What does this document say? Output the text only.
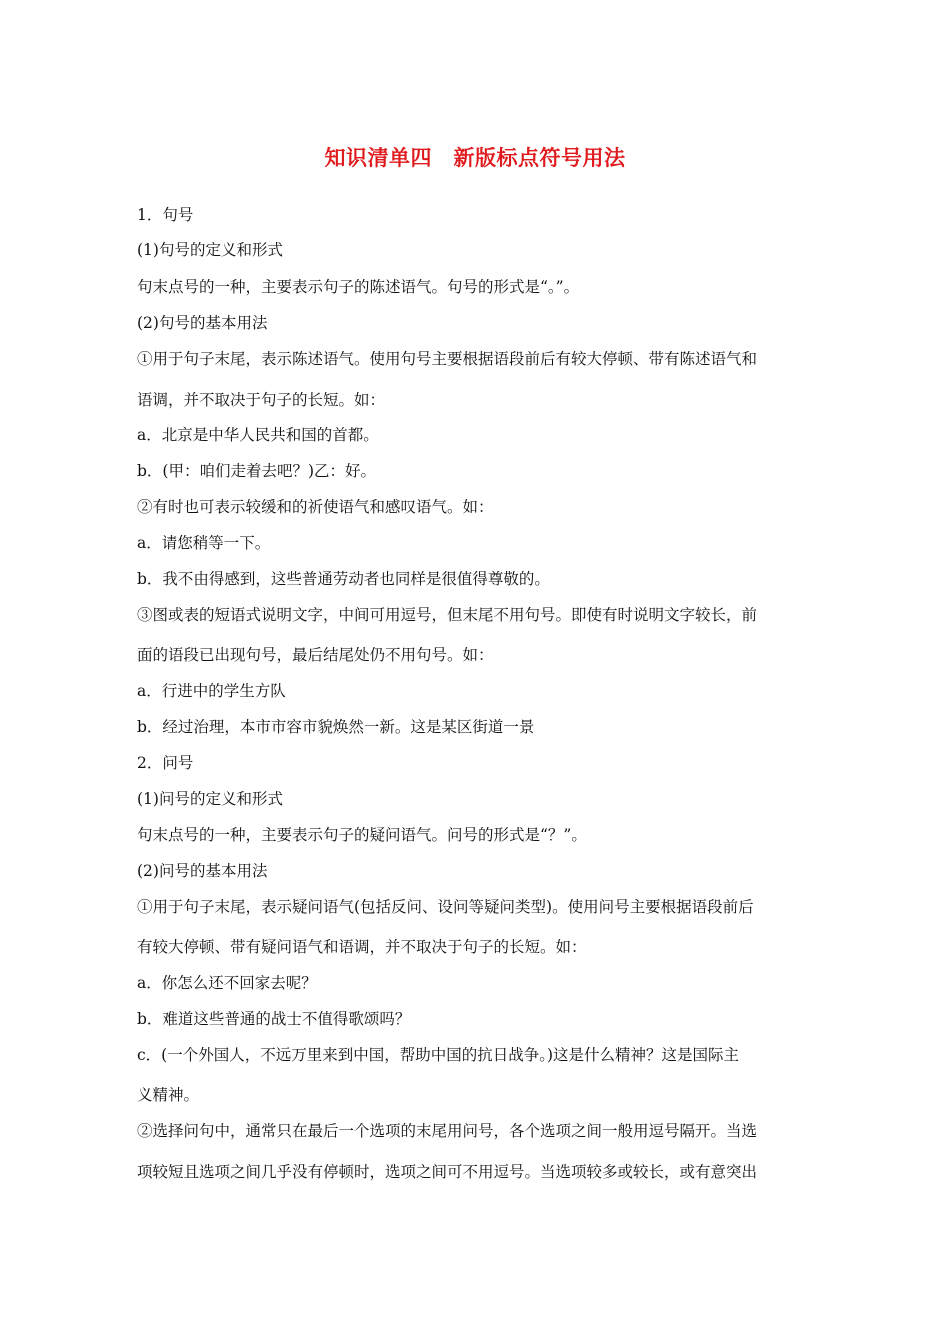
知识清单四　新版标点符号用法
1．句号
(1)句号的定义和形式
句末点号的一种，主要表示句子的陈述语气。句号的形式是“。”。
(2)句号的基本用法
①用于句子末尾，表示陈述语气。使用句号主要根据语段前后有较大停顿、带有陈述语气和
语调，并不取决于句子的长短。如：
a．北京是中华人民共和国的首都。
b．(甲：咱们走着去吧？)乙：好。
②有时也可表示较缓和的祈使语气和感叹语气。如：
a．请您稍等一下。
b．我不由得感到，这些普通劳动者也同样是很值得尊敬的。
③图或表的短语式说明文字，中间可用逗号，但末尾不用句号。即使有时说明文字较长，前
面的语段已出现句号，最后结尾处仍不用句号。如：
a．行进中的学生方队
b．经过治理，本市市容市貌焕然一新。这是某区街道一景
2．问号
(1)问号的定义和形式
句末点号的一种，主要表示句子的疑问语气。问号的形式是“？”。
(2)问号的基本用法
①用于句子末尾，表示疑问语气(包括反问、设问等疑问类型)。使用问号主要根据语段前后
有较大停顿、带有疑问语气和语调，并不取决于句子的长短。如：
a．你怎么还不回家去呢？
b．难道这些普通的战士不值得歌颂吗？
c．(一个外国人，不远万里来到中国，帮助中国的抗日战争。)这是什么精神？这是国际主
义精神。
②选择问句中，通常只在最后一个选项的末尾用问号，各个选项之间一般用逗号隔开。当选
项较短且选项之间几乎没有停顿时，选项之间可不用逗号。当选项较多或较长，或有意突出
